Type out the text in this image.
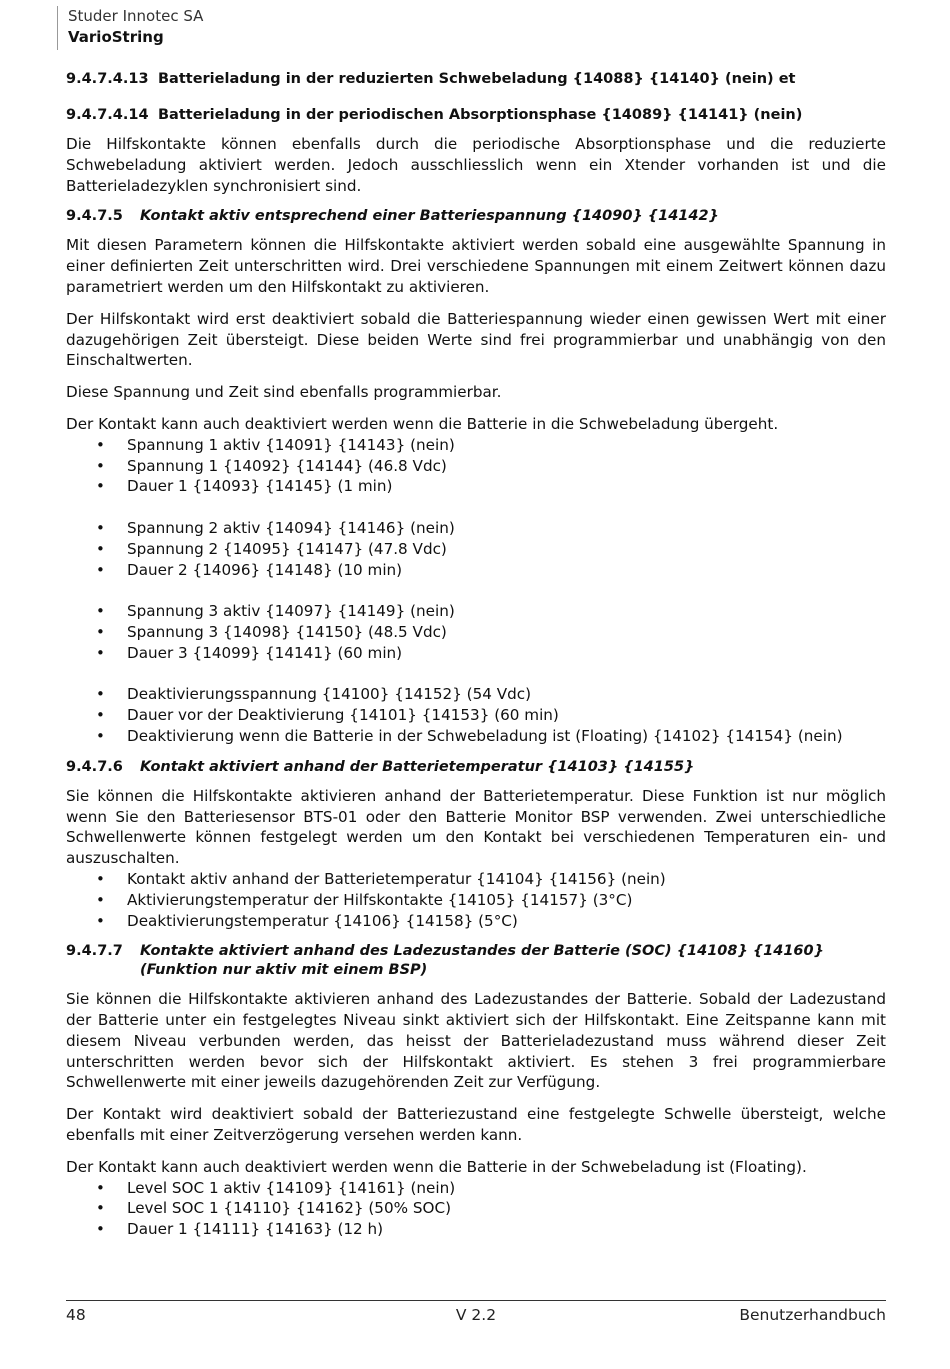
Studer Innotec SA
VarioString
9.4.7.4.13 Batterieladung in der reduzierten Schwebeladung {14088} {14140} (nein) et
9.4.7.4.14 Batterieladung in der periodischen Absorptionsphase {14089} {14141} (nein)

Die Hilfskontakte können ebenfalls durch die periodische Absorptionsphase und die reduzierte Schwebeladung aktiviert werden. Jedoch ausschliesslich wenn ein Xtender vorhanden ist und die Batterieladezyklen synchronisiert sind.

9.4.7.5	Kontakt aktiv entsprechend einer Batteriespannung {14090} {14142}

Mit diesen Parametern können die Hilfskontakte aktiviert werden sobald eine ausgewählte Spannung in einer definierten Zeit unterschritten wird. Drei verschiedene Spannungen mit einem Zeitwert können dazu parametriert werden um den Hilfskontakt zu aktivieren.

Der Hilfskontakt wird erst deaktiviert sobald die Batteriespannung wieder einen gewissen Wert mit einer dazugehörigen Zeit übersteigt. Diese beiden Werte sind frei programmierbar und unabhängig von den Einschaltwerten.

Diese Spannung und Zeit sind ebenfalls programmierbar.

Der Kontakt kann auch deaktiviert werden wenn die Batterie in die Schwebeladung übergeht.

• Spannung 1 aktiv {14091} {14143} (nein)
• Spannung 1 {14092} {14144} (46.8 Vdc)
• Dauer 1 {14093} {14145} (1 min)
• Spannung 2 aktiv {14094} {14146} (nein)
• Spannung 2 {14095} {14147} (47.8 Vdc)
• Dauer 2 {14096} {14148} (10 min)
• Spannung 3 aktiv {14097} {14149} (nein)
• Spannung 3 {14098} {14150} (48.5 Vdc)
• Dauer 3 {14099} {14141} (60 min)
• Deaktivierungsspannung {14100} {14152} (54 Vdc)
• Dauer vor der Deaktivierung {14101} {14153} (60 min)
• Deaktivierung wenn die Batterie in der Schwebeladung ist (Floating) {14102} {14154} (nein)
9.4.7.6	Kontakt aktiviert anhand der Batterietemperatur {14103} {14155}

Sie können die Hilfskontakte aktivieren anhand der Batterietemperatur. Diese Funktion ist nur möglich wenn Sie den Batteriesensor BTS-01 oder den Batterie Monitor BSP verwenden. Zwei unterschiedliche Schwellenwerte können festgelegt werden um den Kontakt bei verschiedenen Temperaturen ein- und auszuschalten.

• Kontakt aktiv anhand der Batterietemperatur {14104} {14156} (nein)
• Aktivierungstemperatur der Hilfskontakte {14105} {14157} (3°C)
• Deaktivierungstemperatur {14106} {14158} (5°C)
9.4.7.7	Kontakte aktiviert anhand des Ladezustandes der Batterie (SOC) {14108} {14160}
(Funktion nur aktiv mit einem BSP)

Sie können die Hilfskontakte aktivieren anhand des Ladezustandes der Batterie. Sobald der Ladezustand der Batterie unter ein festgelegtes Niveau sinkt aktiviert sich der Hilfskontakt. Eine Zeitspanne kann mit diesem Niveau verbunden werden, das heisst der Batterieladezustand muss während dieser Zeit unterschritten werden bevor sich der Hilfskontakt aktiviert. Es stehen 3 frei programmierbare Schwellenwerte mit einer jeweils dazugehörenden Zeit zur Verfügung.

Der Kontakt wird deaktiviert sobald der Batteriezustand eine festgelegte Schwelle übersteigt, welche ebenfalls mit einer Zeitverzögerung versehen werden kann.

Der Kontakt kann auch deaktiviert werden wenn die Batterie in der Schwebeladung ist (Floating).

• Level SOC 1 aktiv {14109} {14161} (nein)
• Level SOC 1 {14110} {14162} (50% SOC)
• Dauer 1 {14111} {14163} (12 h)
V 2.2
48	Benutzerhandbuch
